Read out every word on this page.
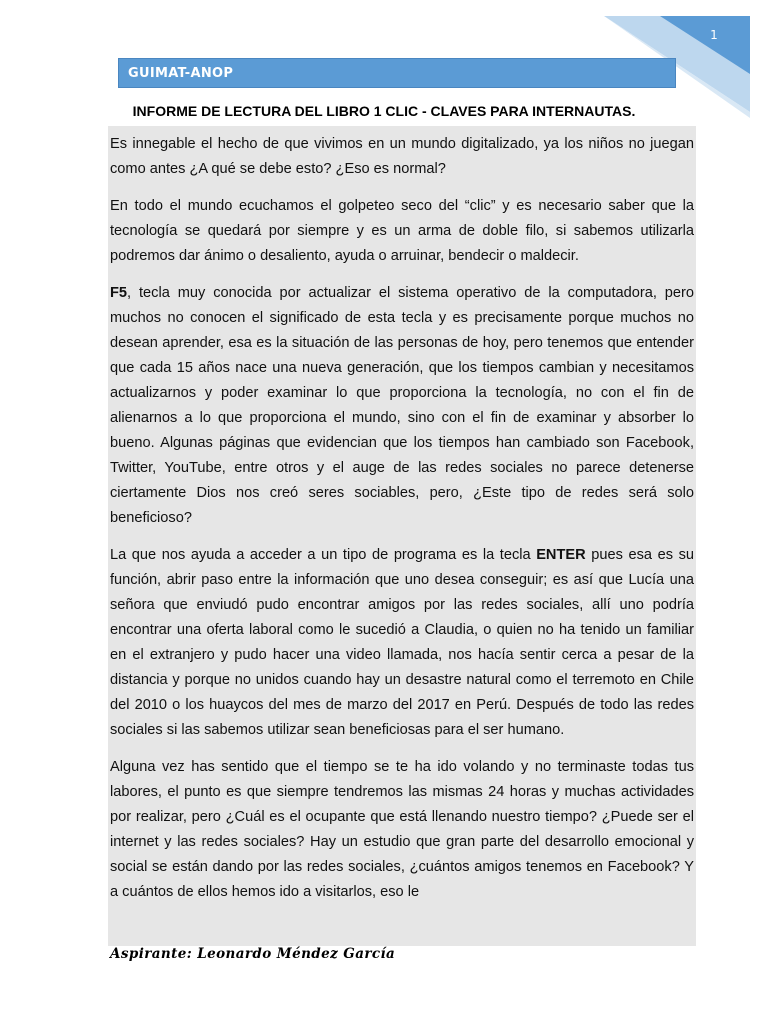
1
GUIMAT-ANOP
INFORME DE LECTURA DEL LIBRO 1 CLIC - CLAVES PARA INTERNAUTAS.

Es innegable el hecho de que vivimos en un mundo digitalizado, ya los niños no juegan como antes ¿A qué se debe esto? ¿Eso es normal?

En todo el mundo ecuchamos el golpeteo seco del “clic” y es necesario saber que la tecnología se quedará por siempre y es un arma de doble filo, si sabemos utilizarla podremos dar ánimo o desaliento, ayuda o arruinar, bendecir o maldecir.

F5, tecla muy conocida por actualizar el sistema operativo de la computadora, pero muchos no conocen el significado de esta tecla y es precisamente porque muchos no desean aprender, esa es la situación de las personas de hoy, pero tenemos que entender que cada 15 años nace una nueva generación, que los tiempos cambian y necesitamos actualizarnos y poder examinar lo que proporciona la tecnología, no con el fin de alienarnos a lo que proporciona el mundo, sino con el fin de examinar y absorber lo bueno. Algunas páginas que evidencian que los tiempos han cambiado son Facebook, Twitter, YouTube, entre otros y el auge de las redes sociales no parece detenerse ciertamente Dios nos creó seres sociables, pero, ¿Este tipo de redes será solo beneficioso?

La que nos ayuda a acceder a un tipo de programa es la tecla ENTER pues esa es su función, abrir paso entre la información que uno desea conseguir; es así que Lucía una señora que enviudó pudo encontrar amigos por las redes sociales, allí uno podría encontrar una oferta laboral como le sucedió a Claudia, o quien no ha tenido un familiar en el extranjero y pudo hacer una video llamada, nos hacía sentir cerca a pesar de la distancia y porque no unidos cuando hay un desastre natural como el terremoto en Chile del 2010 o los huaycos del mes de marzo del 2017 en Perú. Después de todo las redes sociales si las sabemos utilizar sean beneficiosas para el ser humano.

Alguna vez has sentido que el tiempo se te ha ido volando y no terminaste todas tus labores, el punto es que siempre tendremos las mismas 24 horas y muchas actividades por realizar, pero ¿Cuál es el ocupante que está llenando nuestro tiempo? ¿Puede ser el internet y las redes sociales? Hay un estudio que gran parte del desarrollo emocional y social se están dando por las redes sociales, ¿cuántos amigos tenemos en Facebook? Y a cuántos de ellos hemos ido a visitarlos, eso le

Aspirante: Leonardo Méndez García
